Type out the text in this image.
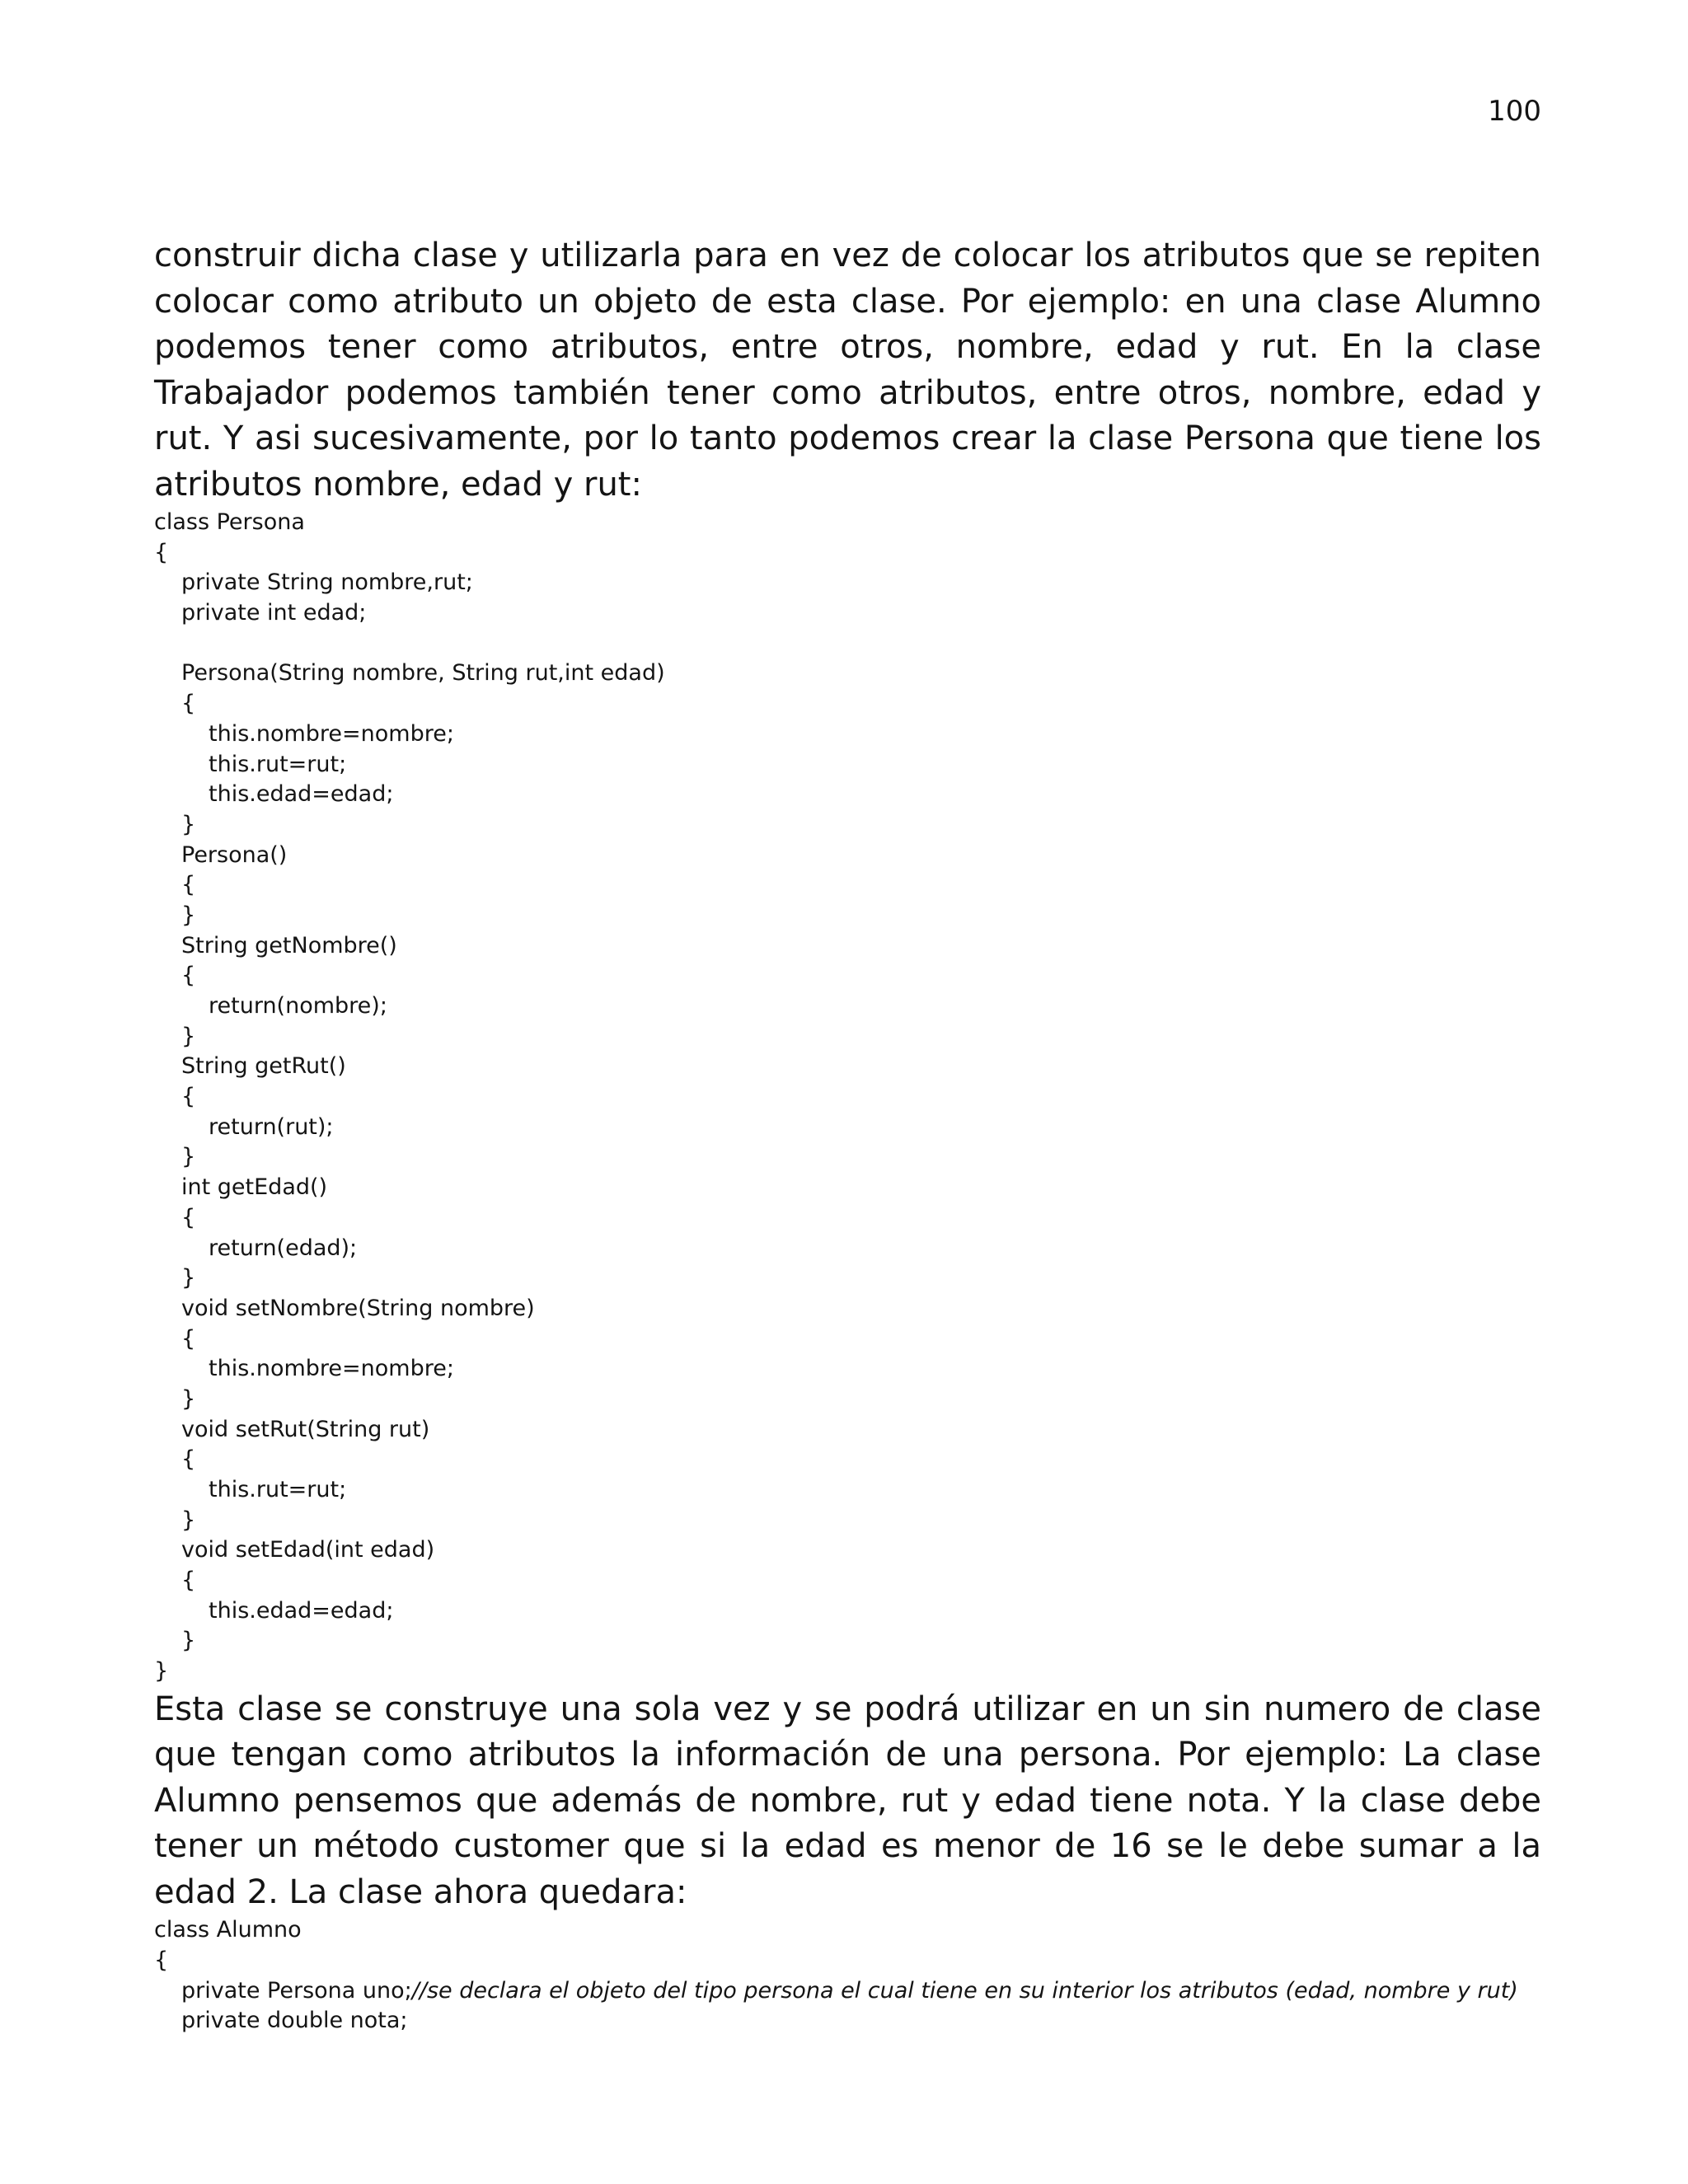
100

construir dicha clase y utilizarla para en vez de colocar los atributos que se repiten colocar como atributo un objeto de esta clase. Por ejemplo: en una clase Alumno podemos tener como atributos, entre otros, nombre, edad y rut. En la clase Trabajador podemos también tener como atributos, entre otros, nombre, edad y rut. Y asi sucesivamente, por lo tanto podemos crear la clase Persona que tiene los atributos nombre, edad y rut:

class Persona
{
private String nombre,rut;
private int edad;
Persona(String nombre, String rut,int edad)
{
this.nombre=nombre;
this.rut=rut;
this.edad=edad;
}
Persona()
{
}
String getNombre()
{
return(nombre);
}
String getRut()
{
return(rut);
}
int getEdad()
{
return(edad);
}
void setNombre(String nombre)
{
this.nombre=nombre;
}
void setRut(String rut)
{
this.rut=rut;
}
void setEdad(int edad)
{
this.edad=edad;
}
}

Esta clase se construye una sola vez y se podrá utilizar en un sin numero de clase que tengan como atributos la información de una persona. Por ejemplo: La clase Alumno pensemos que además de nombre, rut y edad tiene nota. Y la clase debe tener un método customer que si la edad es menor de 16 se le debe sumar a la edad 2. La clase ahora quedara:

class Alumno
{
private Persona uno;//se declara el objeto del tipo persona el cual tiene en su interior los atributos (edad, nombre y rut)
private double nota;
